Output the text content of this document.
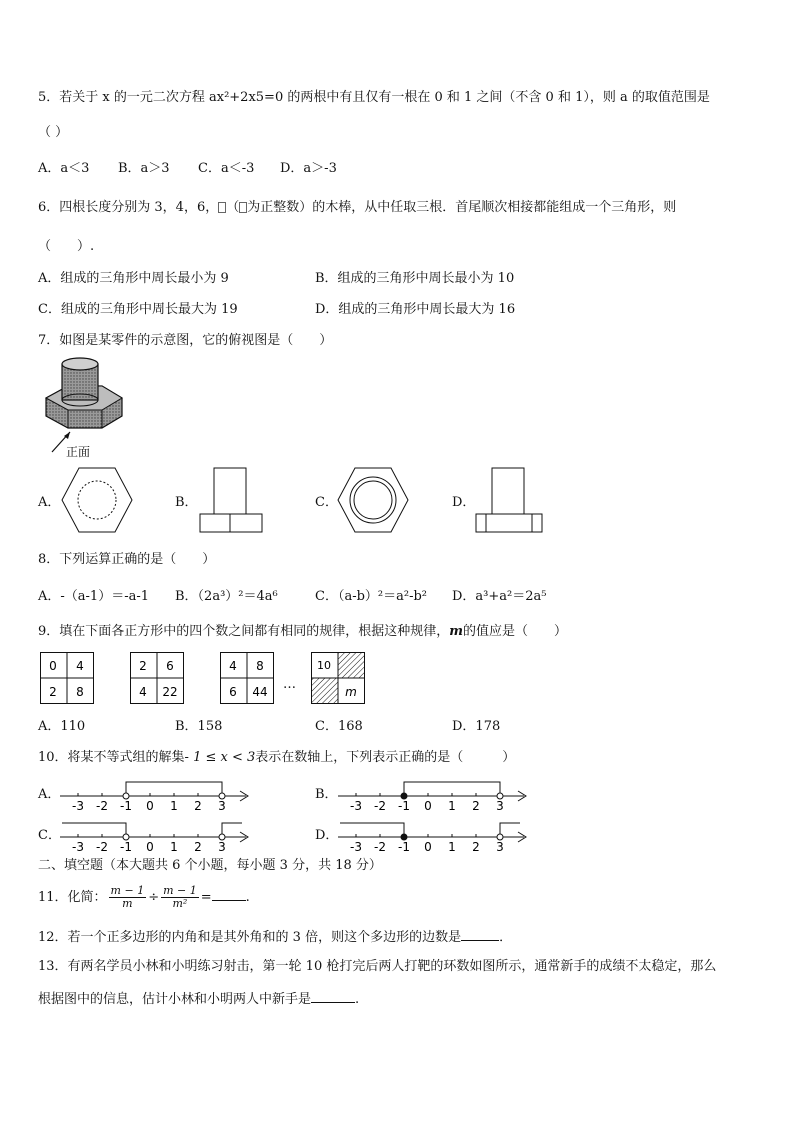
5．若关于 x 的一元二次方程 ax²+2x5=0 的两根中有且仅有一根在 0 和 1 之间（不含 0 和 1），则 a 的取值范围是
（ ）
A．a＜3 B．a＞3 C．a＜-3 D．a＞-3
6．四根长度分别为 3，4，6， （ 为正整数）的木棒，从中任取三根．首尾顺次相接都能组成一个三角形，则
（　　）.
A．组成的三角形中周长最小为 9	B．组成的三角形中周长最小为 10
C．组成的三角形中周长最大为 19	D．组成的三角形中周长最大为 16
7．如图是某零件的示意图，它的俯视图是（　　）
正面
A．	B．	C．	D．
8．下列运算正确的是（　　）
A．-（a-1）＝-a-1 B．（2a³）²＝4a⁶	C．（a-b）²＝a²-b² D．a³+a²＝2a⁵
9．填在下面各正方形中的四个数之间都有相同的规律，根据这种规律，m的值应是（　　）
0 4
2 8
2 6
4 22
4 8
6 44 …
10
m
A．110	B．158	C．168	D．178
10．将某不等式组的解集- 1 ≤ x < 3表示在数轴上，下列表示正确的是（　　　）
A．	B．
C．	D．
-3 -2 -1 0 1 2 3	-3 -2 -1 0 1 2 3
-3 -2 -1 0 1 2 3	-3 -2 -1 0 1 2 3
二、填空题（本大题共 6 个小题，每小题 3 分，共 18 分）
11．化简： $\frac{m - 1}{m} \div \frac{m - 1}{\text{m²}}$ =	.
12．若一个正多边形的内角和是其外角和的 3 倍，则这个多边形的边数是	．
13．有两名学员小林和小明练习射击，第一轮 10 枪打完后两人打靶的环数如图所示，通常新手的成绩不太稳定，那么
根据图中的信息，估计小林和小明两人中新手是	.
